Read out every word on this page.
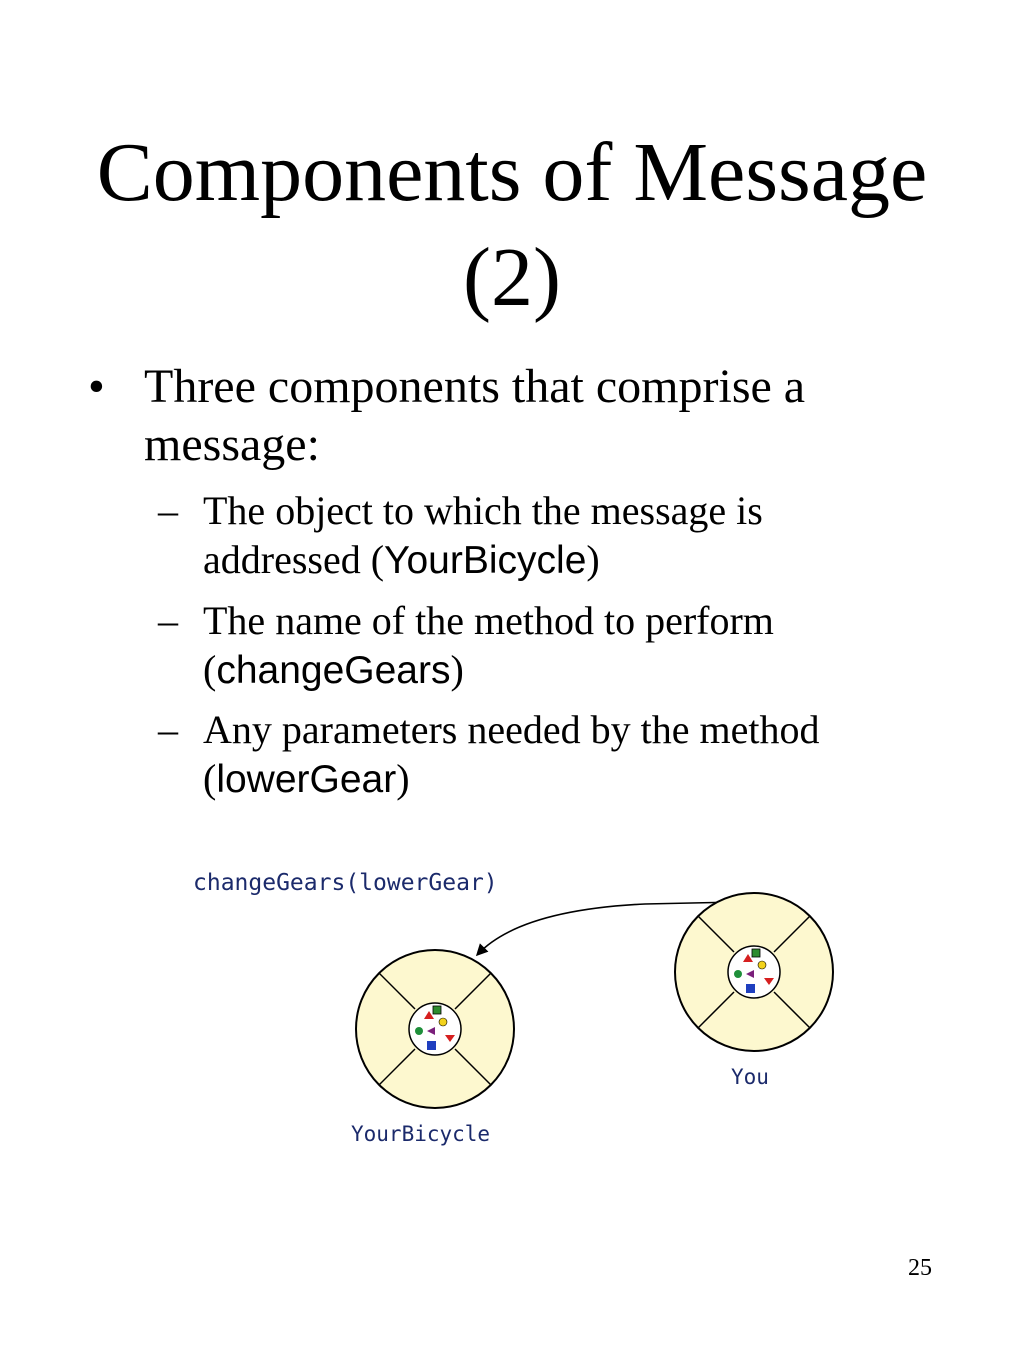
Components of Message
(2)
• Three components that comprise a
message:
– The object to which the message is
addressed (YourBicycle)
– The name of the method to perform
(changeGears)
– Any parameters needed by the method
(lowerGear)
changeGears(lowerGear)
YourBicycle
You
25
